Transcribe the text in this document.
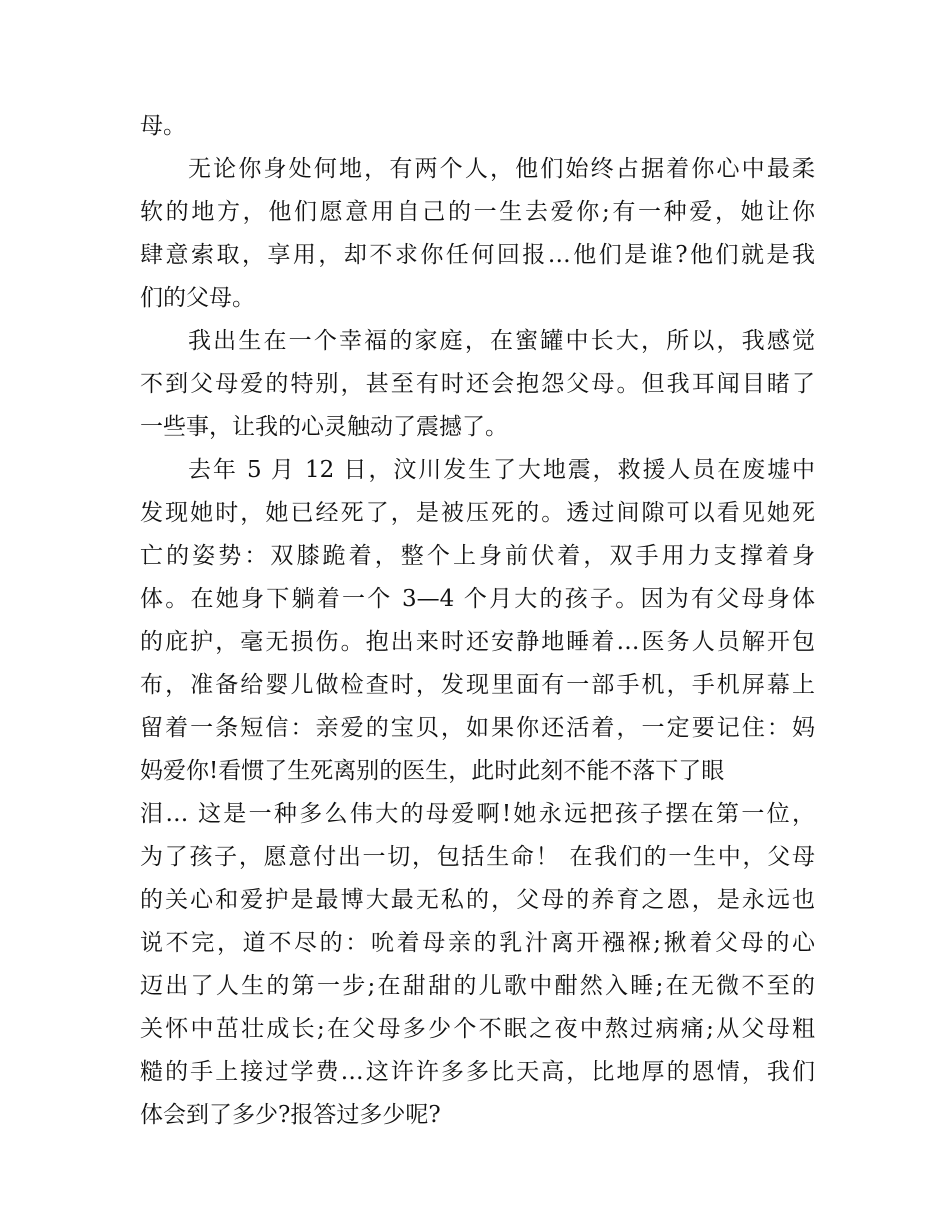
母。
无论你身处何地，有两个人，他们始终占据着你心中最柔
软的地方，他们愿意用自己的一生去爱你;有一种爱，她让你
肆意索取，享用，却不求你任何回报…他们是谁?他们就是我
们的父母。
我出生在一个幸福的家庭，在蜜罐中长大，所以，我感觉
不到父母爱的特别，甚至有时还会抱怨父母。但我耳闻目睹了
一些事，让我的心灵触动了震撼了。
去年 5 月 12 日，汶川发生了大地震，救援人员在废墟中
发现她时，她已经死了，是被压死的。透过间隙可以看见她死
亡的姿势：双膝跪着，整个上身前伏着，双手用力支撑着身
体。在她身下躺着一个 3—4 个月大的孩子。因为有父母身体
的庇护，毫无损伤。抱出来时还安静地睡着…医务人员解开包
布，准备给婴儿做检查时，发现里面有一部手机，手机屏幕上
留着一条短信：亲爱的宝贝，如果你还活着，一定要记住：妈
妈爱你!看惯了生死离别的医生，此时此刻不能不落下了眼
泪… 这是一种多么伟大的母爱啊!她永远把孩子摆在第一位，
为了孩子，愿意付出一切，包括生命！ 在我们的一生中，父母
的关心和爱护是最博大最无私的，父母的养育之恩，是永远也
说不完，道不尽的：吮着母亲的乳汁离开襁褓;揪着父母的心
迈出了人生的第一步;在甜甜的儿歌中酣然入睡;在无微不至的
关怀中茁壮成长;在父母多少个不眠之夜中熬过病痛;从父母粗
糙的手上接过学费…这许许多多比天高，比地厚的恩情，我们
体会到了多少?报答过多少呢?
